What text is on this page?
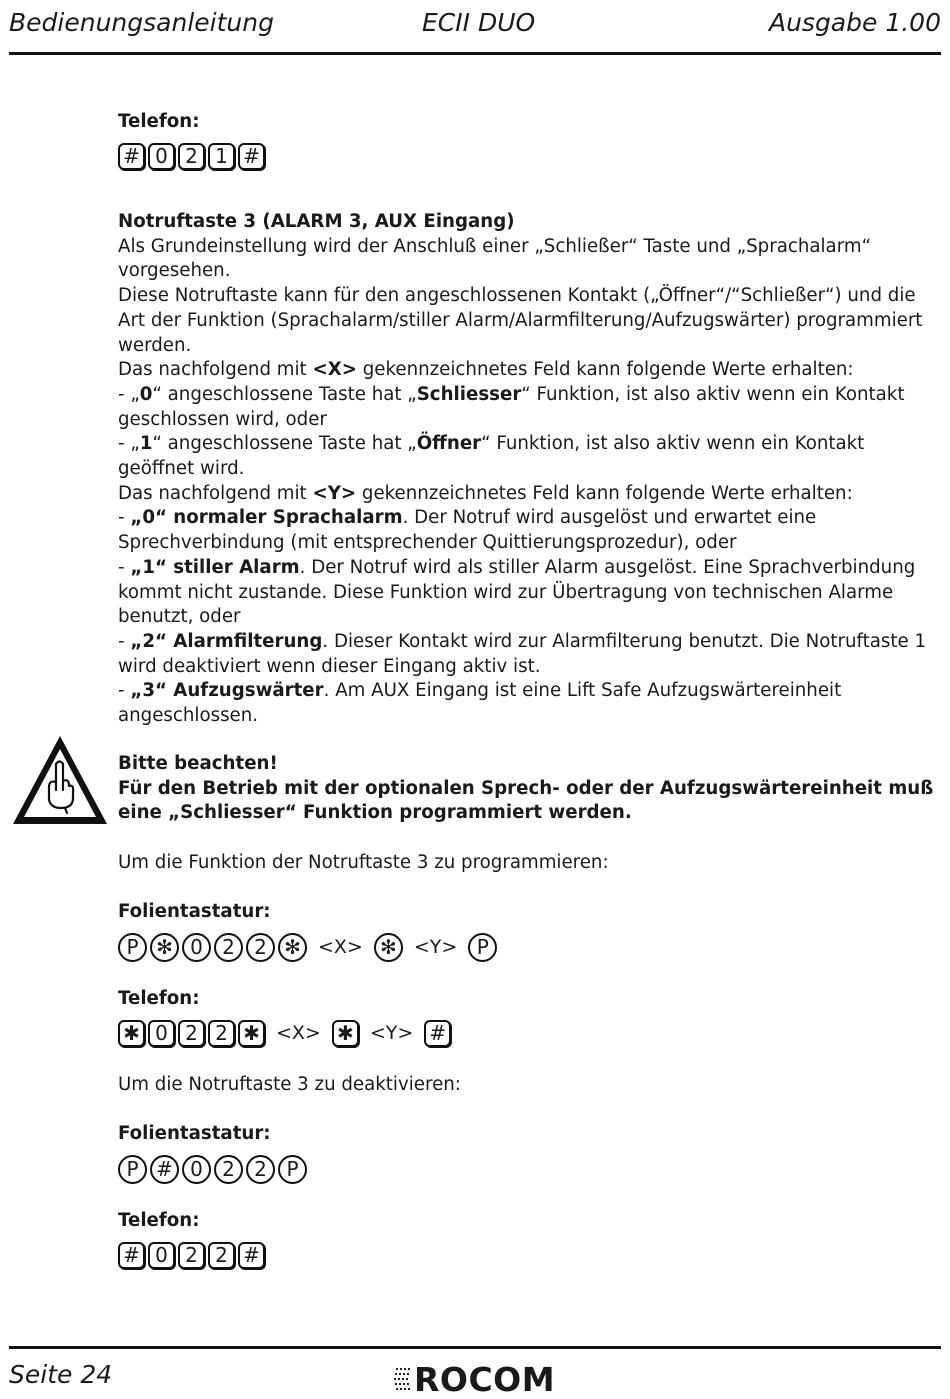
Bedienungsanleitung	ECII DUO	Ausgabe 1.00

Telefon:

# 0 2 1 #

Notruftaste 3 (ALARM 3, AUX Eingang)

Als Grundeinstellung wird der Anschluß einer „Schließer“ Taste und „Sprachalarm“ vorgesehen.

Diese Notruftaste kann für den angeschlossenen Kontakt („Öffner“/“Schließer“) und die Art der Funktion (Sprachalarm/stiller Alarm/Alarmfilterung/Aufzugswärter) programmiert werden.

Das nachfolgend mit <X> gekennzeichnetes Feld kann folgende Werte erhalten:

- „0“ angeschlossene Taste hat „Schliesser“ Funktion, ist also aktiv wenn ein Kontakt geschlossen wird, oder

- „1“ angeschlossene Taste hat „Öffner“ Funktion, ist also aktiv wenn ein Kontakt geöffnet wird.

Das nachfolgend mit <Y> gekennzeichnetes Feld kann folgende Werte erhalten:

- „0“ normaler Sprachalarm. Der Notruf wird ausgelöst und erwartet eine Sprechverbindung (mit entsprechender Quittierungsprozedur), oder

- „1“ stiller Alarm. Der Notruf wird als stiller Alarm ausgelöst. Eine Sprachverbindung kommt nicht zustande. Diese Funktion wird zur Übertragung von technischen Alarme benutzt, oder

- „2“ Alarmfilterung. Dieser Kontakt wird zur Alarmfilterung benutzt. Die Notruftaste 1 wird deaktiviert wenn dieser Eingang aktiv ist.

- „3“ Aufzugswärter. Am AUX Eingang ist eine Lift Safe Aufzugswärtereinheit angeschlossen.

Bitte beachten!

Für den Betrieb mit der optionalen Sprech- oder der Aufzugswärtereinheit muß eine „Schliesser“ Funktion programmiert werden.

Um die Funktion der Notruftaste 3 zu programmieren:

Folientastatur:

P ✻ 0 2 2 ✻ <X> ✻ <Y> P

Telefon:

✱ 0 2 2 ✱ <X> ✱ <Y> #

Um die Notruftaste 3 zu deaktivieren:

Folientastatur:

P # 0 2 2 P

Telefon:

# 0 2 2 #
Seite 24	ROCOM
